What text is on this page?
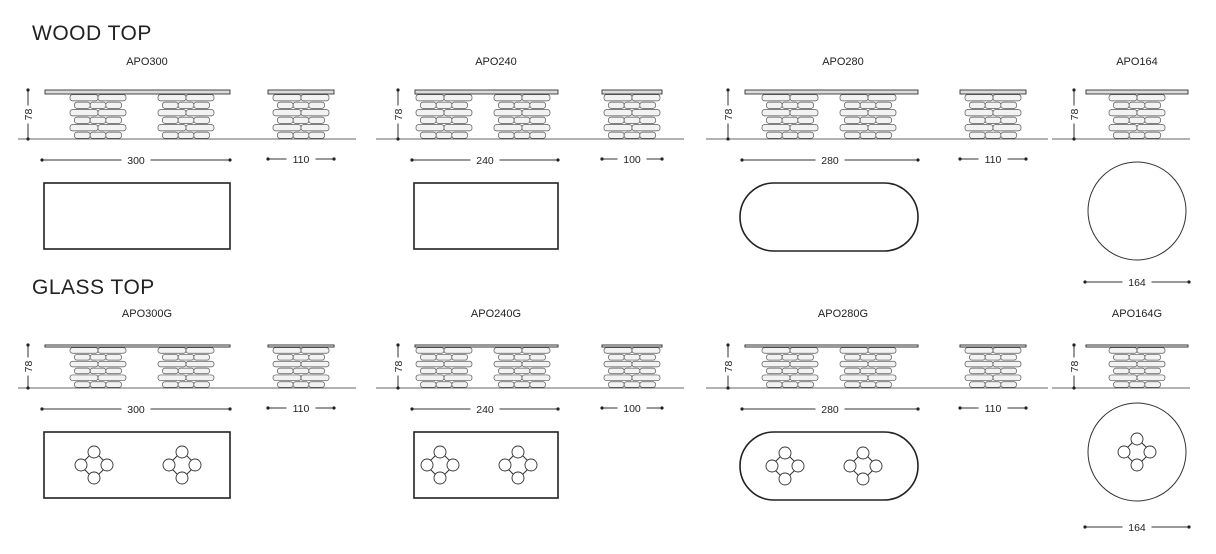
WOOD TOP
GLASS TOP
APO300
78
300	110
APO240
78
240	100
APO280
78
280	110
APO164
78
164
APO300G
78
300	110
APO240G
78
240	100
APO280G
78
280	110
APO164G
78
164
